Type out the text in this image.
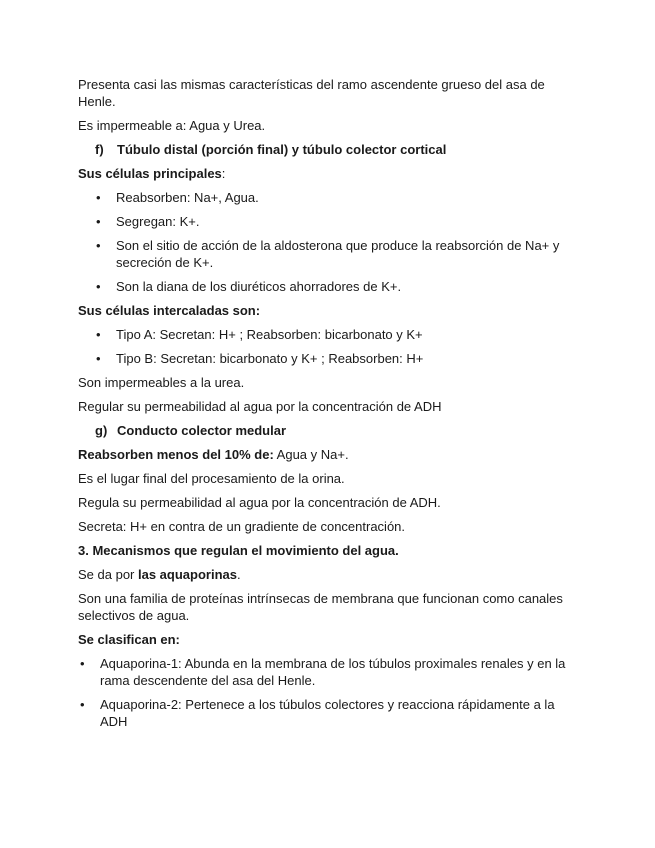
Presenta casi las mismas características del ramo ascendente grueso del asa de Henle.

Es impermeable a: Agua y Urea.

f) Túbulo distal (porción final) y túbulo colector cortical

Sus células principales:

• Reabsorben: Na+, Agua.
• Segregan: K+.
• Son el sitio de acción de la aldosterona que produce la reabsorción de Na+ y secreción de K+.
• Son la diana de los diuréticos ahorradores de K+.

Sus células intercaladas son:

• Tipo A: Secretan: H+ ; Reabsorben: bicarbonato y K+
• Tipo B: Secretan: bicarbonato y K+ ; Reabsorben: H+

Son impermeables a la urea.

Regular su permeabilidad al agua por la concentración de ADH

g) Conducto colector medular

Reabsorben menos del 10% de: Agua y Na+.

Es el lugar final del procesamiento de la orina.

Regula su permeabilidad al agua por la concentración de ADH.

Secreta: H+ en contra de un gradiente de concentración.

3. Mecanismos que regulan el movimiento del agua.

Se da por las aquaporinas.

Son una familia de proteínas intrínsecas de membrana que funcionan como canales selectivos de agua.

Se clasifican en:

• Aquaporina-1: Abunda en la membrana de los túbulos proximales renales y en la rama descendente del asa del Henle.
• Aquaporina-2: Pertenece a los túbulos colectores y reacciona rápidamente a la ADH
